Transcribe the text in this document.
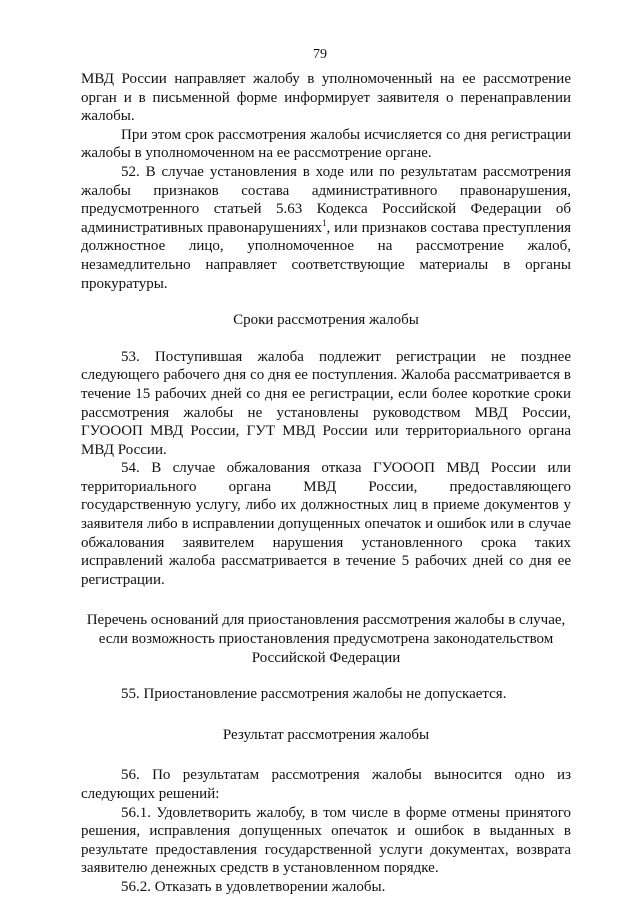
79

МВД России направляет жалобу в уполномоченный на ее рассмотрение орган и в письменной форме информирует заявителя о перенаправлении жалобы.

При этом срок рассмотрения жалобы исчисляется со дня регистрации жалобы в уполномоченном на ее рассмотрение органе.

52. В случае установления в ходе или по результатам рассмотрения жалобы признаков состава административного правонарушения, предусмотренного статьей 5.63 Кодекса Российской Федерации об административных правонарушениях$^1$, или признаков состава преступления должностное лицо, уполномоченное на рассмотрение жалоб, незамедлительно направляет соответствующие материалы в органы прокуратуры.

Сроки рассмотрения жалобы

53. Поступившая жалоба подлежит регистрации не позднее следующего рабочего дня со дня ее поступления. Жалоба рассматривается в течение 15 рабочих дней со дня ее регистрации, если более короткие сроки рассмотрения жалобы не установлены руководством МВД России, ГУОООП МВД России, ГУТ МВД России или территориального органа МВД России.

54. В случае обжалования отказа ГУОООП МВД России или территориального органа МВД России, предоставляющего государственную услугу, либо их должностных лиц в приеме документов у заявителя либо в исправлении допущенных опечаток и ошибок или в случае обжалования заявителем нарушения установленного срока таких исправлений жалоба рассматривается в течение 5 рабочих дней со дня ее регистрации.

Перечень оснований для приостановления рассмотрения жалобы в случае, если возможность приостановления предусмотрена законодательством Российской Федерации

55. Приостановление рассмотрения жалобы не допускается.

Результат рассмотрения жалобы

56. По результатам рассмотрения жалобы выносится одно из следующих решений:

56.1. Удовлетворить жалобу, в том числе в форме отмены принятого решения, исправления допущенных опечаток и ошибок в выданных в результате предоставления государственной услуги документах, возврата заявителю денежных средств в установленном порядке.

56.2. Отказать в удовлетворении жалобы.
